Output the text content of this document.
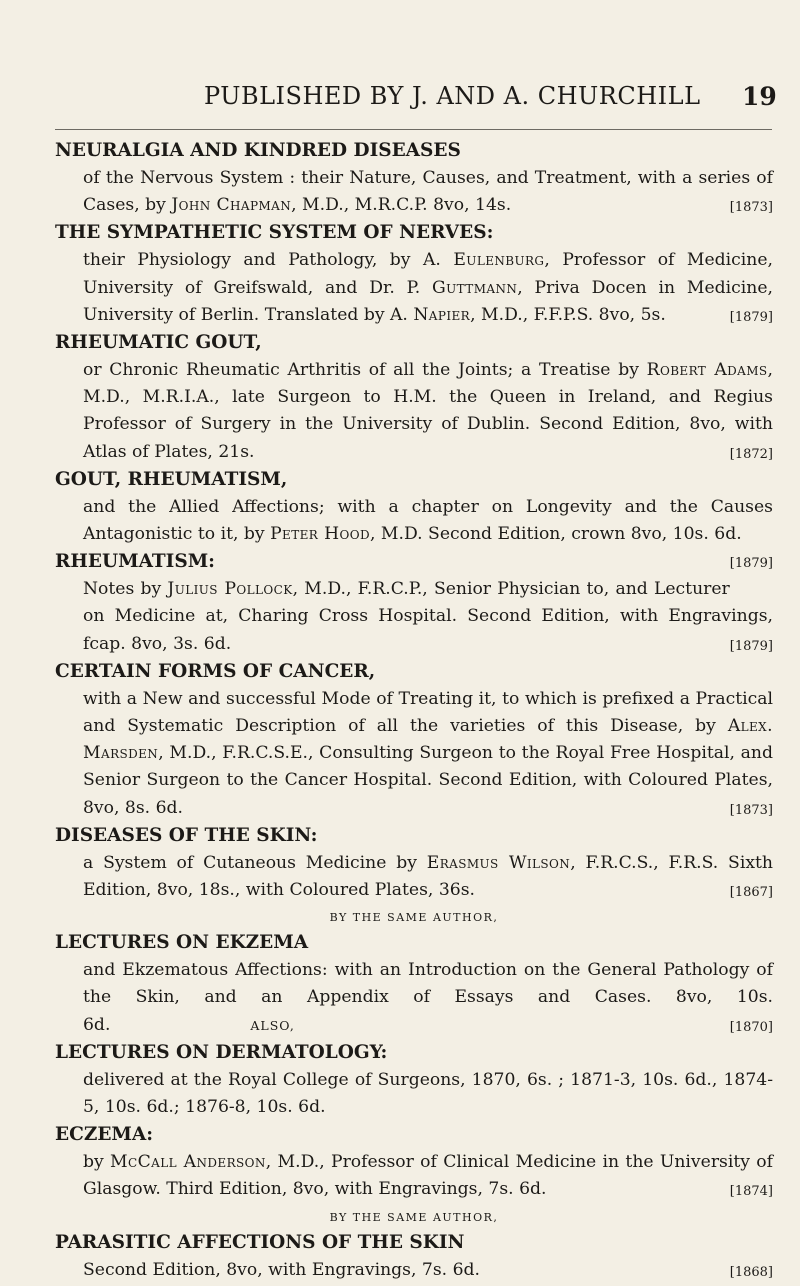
PUBLISHED BY J. AND A. CHURCHILL 19

NEURALGIA AND KINDRED DISEASES

of the Nervous System : their Nature, Causes, and Treatment, with a series of Cases, by John Chapman, M.D., M.R.C.P. 8vo, 14s.	[1873]

THE SYMPATHETIC SYSTEM OF NERVES:

their Physiology and Pathology, by A. Eulenburg, Professor of Medicine, University of Greifswald, and Dr. P. Guttmann, Priva Docen in Medicine, University of Berlin. Translated by A. Napier, M.D., F.F.P.S. 8vo, 5s.	[1879]

RHEUMATIC GOUT,

or Chronic Rheumatic Arthritis of all the Joints; a Treatise by Robert Adams, M.D., M.R.I.A., late Surgeon to H.M. the Queen in Ireland, and Regius Professor of Surgery in the University of Dublin. Second Edition, 8vo, with Atlas of Plates, 21s.	[1872]

GOUT, RHEUMATISM,

and the Allied Affections; with a chapter on Longevity and the Causes Antagonistic to it, by Peter Hood, M.D. Second Edition, crown 8vo, 10s. 6d.
[1879]

RHEUMATISM:

Notes by Julius Pollock, M.D., F.R.C.P., Senior Physician to, and Lecturer on Medicine at, Charing Cross Hospital. Second Edition, with Engravings, fcap. 8vo, 3s. 6d.	[1879]

CERTAIN FORMS OF CANCER,

with a New and successful Mode of Treating it, to which is prefixed a Practical and Systematic Description of all the varieties of this Disease, by Alex. Marsden, M.D., F.R.C.S.E., Consulting Surgeon to the Royal Free Hospital, and Senior Surgeon to the Cancer Hospital. Second Edition, with Coloured Plates, 8vo, 8s. 6d.	[1873]

DISEASES OF THE SKIN:

a System of Cutaneous Medicine by Erasmus Wilson, F.R.C.S., F.R.S. Sixth Edition, 8vo, 18s., with Coloured Plates, 36s.	[1867]

BY THE SAME AUTHOR,

LECTURES ON EKZEMA

and Ekzematous Affections: with an Introduction on the General Pathology of the Skin, and an Appendix of Essays and Cases. 8vo, 10s. 6d.	ALSO,	[1870]

LECTURES ON DERMATOLOGY:

delivered at the Royal College of Surgeons, 1870, 6s. ; 1871-3, 10s. 6d., 1874-5, 10s. 6d.; 1876-8, 10s. 6d.

ECZEMA:

by McCall Anderson, M.D., Professor of Clinical Medicine in the University of Glasgow. Third Edition, 8vo, with Engravings, 7s. 6d.	[1874]

BY THE SAME AUTHOR,

PARASITIC AFFECTIONS OF THE SKIN

Second Edition, 8vo, with Engravings, 7s. 6d.	[1868]
